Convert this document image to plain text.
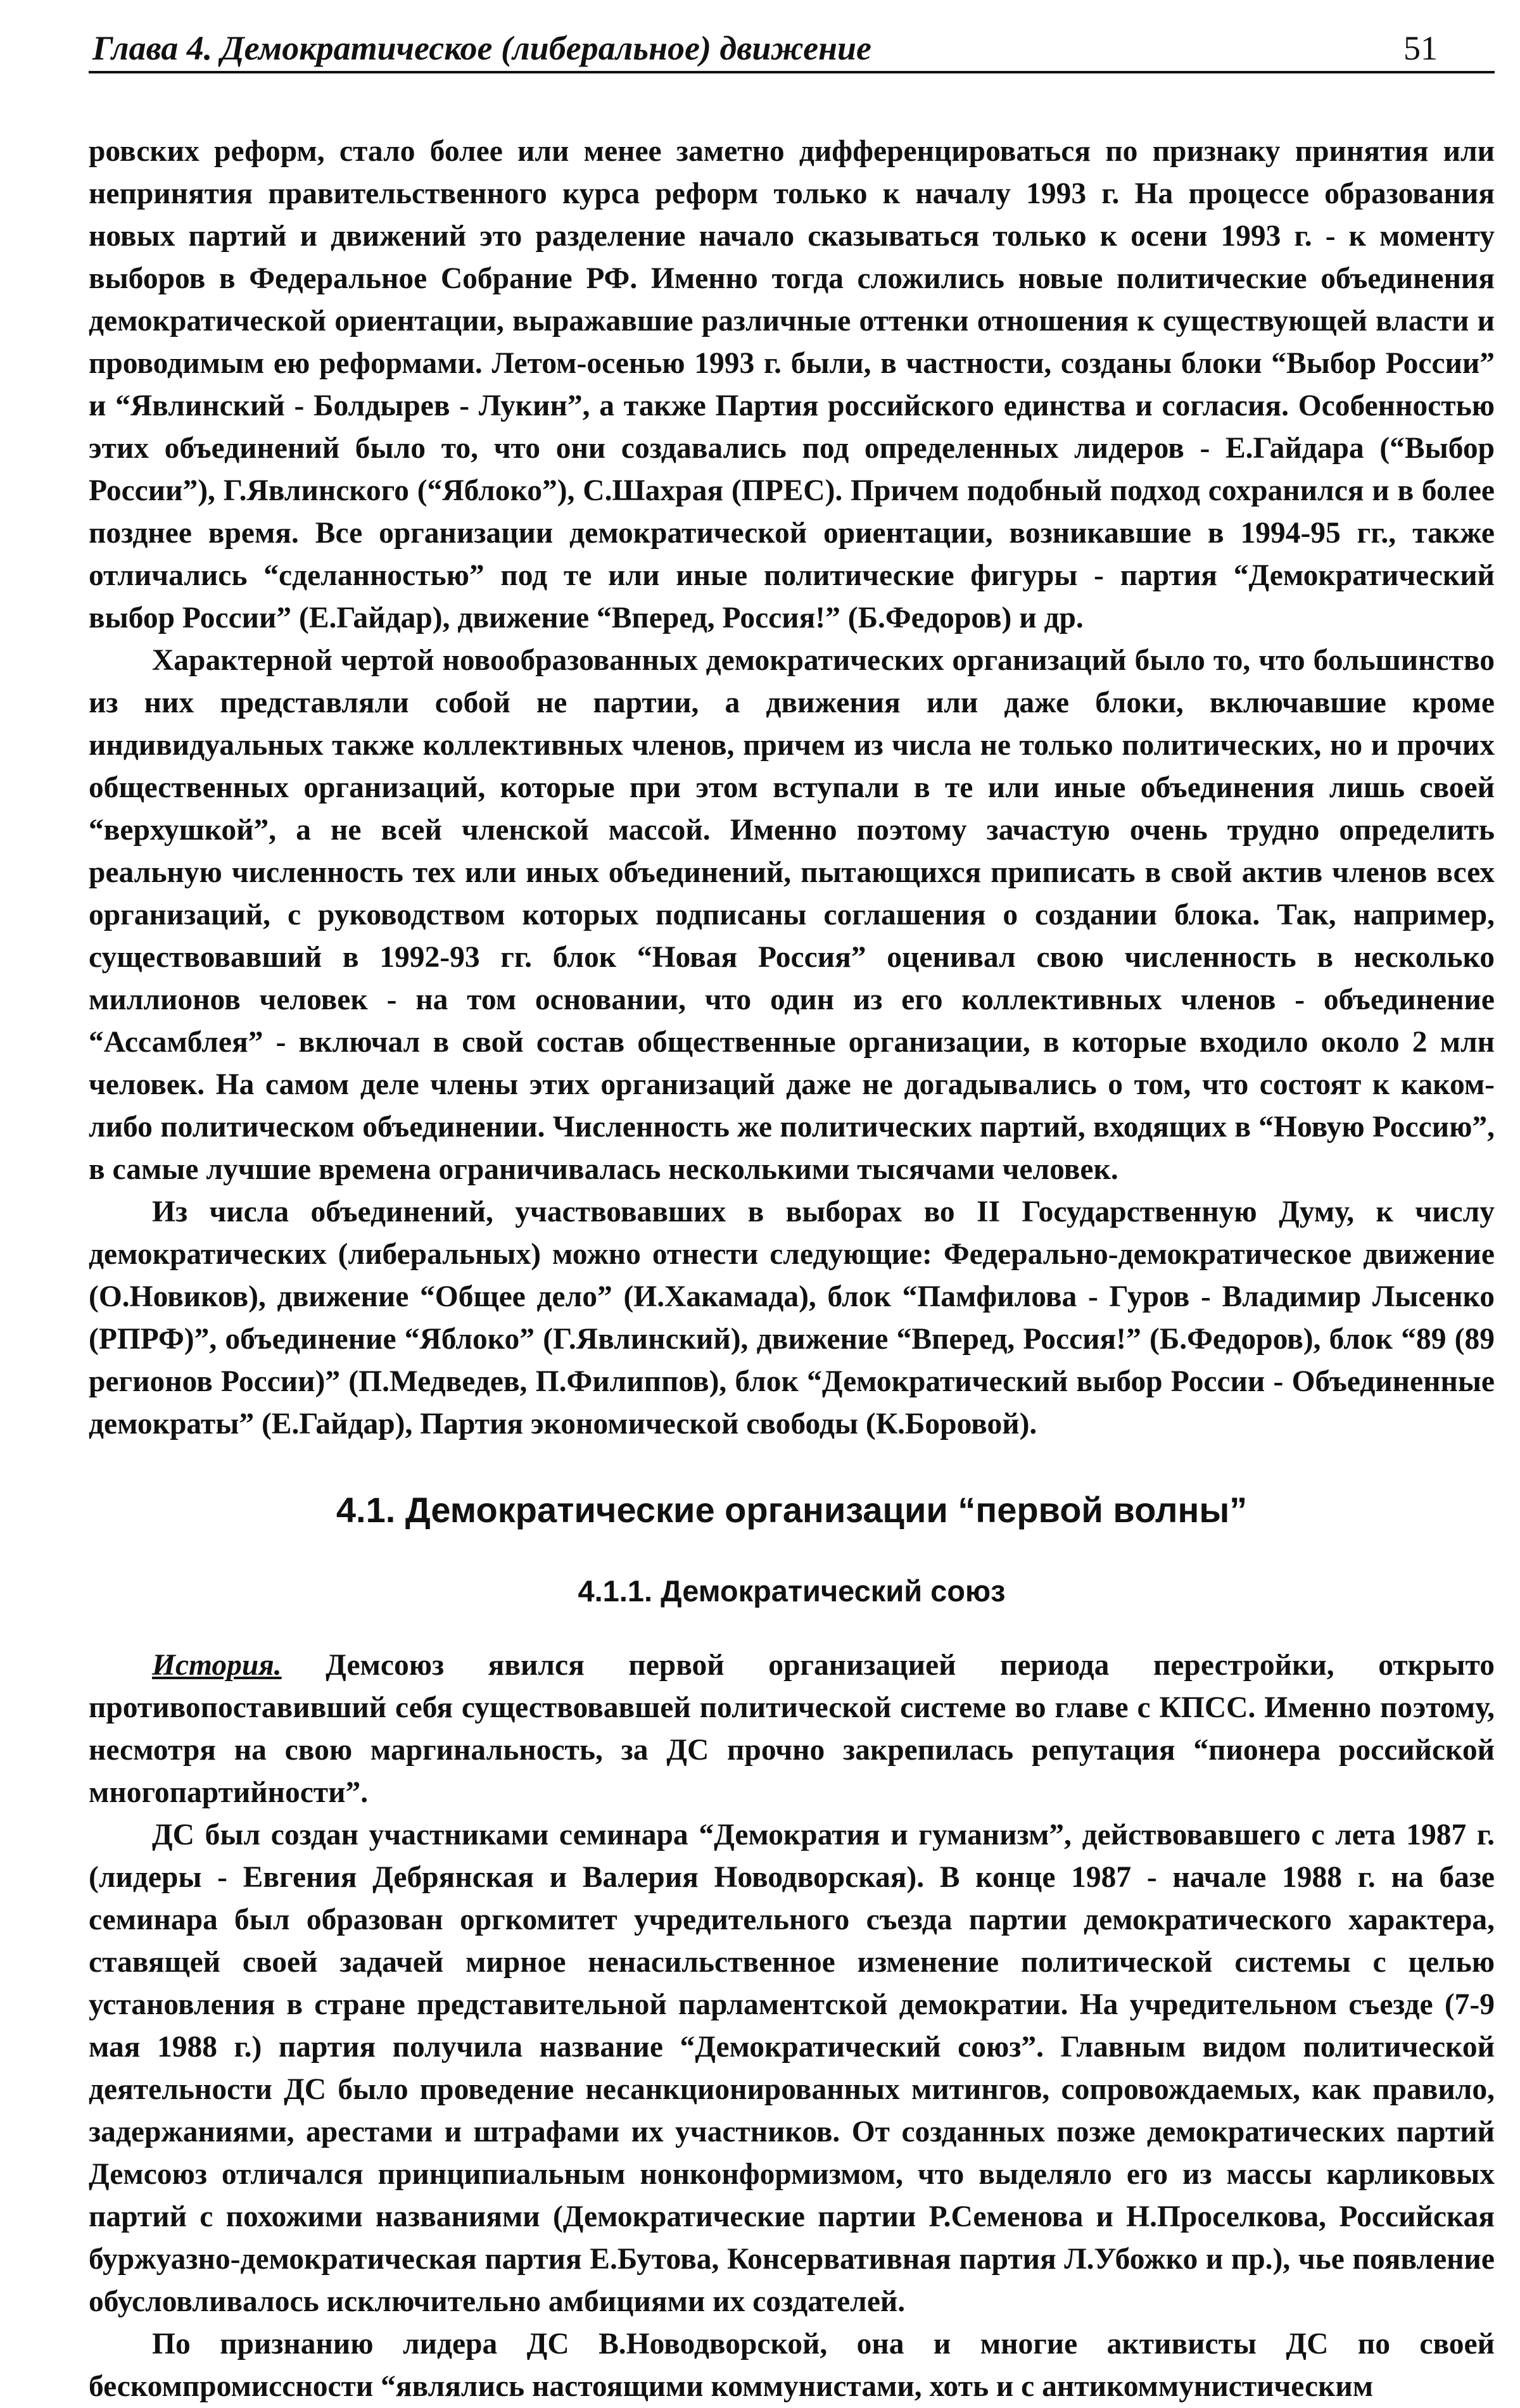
Глава 4. Демократическое (либеральное) движение	51

ровских реформ, стало более или менее заметно дифференцироваться по признаку принятия или непринятия правительственного курса реформ только к началу 1993 г. На процессе образования новых партий и движений это разделение начало сказываться только к осени 1993 г. - к моменту выборов в Федеральное Собрание РФ. Именно тогда сложились новые политические объединения демократической ориентации, выражавшие различные оттенки отношения к существующей власти и проводимым ею реформами. Летом-осенью 1993 г. были, в частности, созданы блоки “Выбор России” и “Явлинский - Болдырев - Лукин”, а также Партия российского единства и согласия. Особенностью этих объединений было то, что они создавались под определенных лидеров - Е.Гайдара (“Выбор России”), Г.Явлинского (“Яблоко”), С.Шахрая (ПРЕС). Причем подобный подход сохранился и в более позднее время. Все организации демократической ориентации, возникавшие в 1994-95 гг., также отличались “сделанностью” под те или иные политические фигуры - партия “Демократический выбор России” (Е.Гайдар), движение “Вперед, Россия!” (Б.Федоров) и др.

Характерной чертой новообразованных демократических организаций было то, что большинство из них представляли собой не партии, а движения или даже блоки, включавшие кроме индивидуальных также коллективных членов, причем из числа не только политических, но и прочих общественных организаций, которые при этом вступали в те или иные объединения лишь своей “верхушкой”, а не всей членской массой. Именно поэтому зачастую очень трудно определить реальную численность тех или иных объединений, пытающихся приписать в свой актив членов всех организаций, с руководством которых подписаны соглашения о создании блока. Так, например, существовавший в 1992-93 гг. блок “Новая Россия” оценивал свою численность в несколько миллионов человек - на том основании, что один из его коллективных членов - объединение “Ассамблея” - включал в свой состав общественные организации, в которые входило около 2 млн человек. На самом деле члены этих организаций даже не догадывались о том, что состоят к каком-либо политическом объединении. Численность же политических партий, входящих в “Новую Россию”, в самые лучшие времена ограничивалась несколькими тысячами человек.

Из числа объединений, участвовавших в выборах во II Государственную Думу, к числу демократических (либеральных) можно отнести следующие: Федерально-демократическое движение (О.Новиков), движение “Общее дело” (И.Хакамада), блок “Памфилова - Гуров - Владимир Лысенко (РПРФ)”, объединение “Яблоко” (Г.Явлинский), движение “Вперед, Россия!” (Б.Федоров), блок “89 (89 регионов России)” (П.Медведев, П.Филиппов), блок “Демократический выбор России - Объединенные демократы” (Е.Гайдар), Партия экономической свободы (К.Боровой).

4.1. Демократические организации “первой волны”
4.1.1. Демократический союз

История. Демсоюз явился первой организацией периода перестройки, открыто противопоставивший себя существовавшей политической системе во главе с КПСС. Именно поэтому, несмотря на свою маргинальность, за ДС прочно закрепилась репутация “пионера российской многопартийности”.

ДС был создан участниками семинара “Демократия и гуманизм”, действовавшего с лета 1987 г. (лидеры - Евгения Дебрянская и Валерия Новодворская). В конце 1987 - начале 1988 г. на базе семинара был образован оргкомитет учредительного съезда партии демократического характера, ставящей своей задачей мирное ненасильственное изменение политической системы с целью установления в стране представительной парламентской демократии. На учредительном съезде (7-9 мая 1988 г.) партия получила название “Демократический союз”. Главным видом политической деятельности ДС было проведение несанкционированных митингов, сопровождаемых, как правило, задержаниями, арестами и штрафами их участников. От созданных позже демократических партий Демсоюз отличался принципиальным нонконформизмом, что выделяло его из массы карликовых партий с похожими названиями (Демократические партии Р.Семенова и Н.Проселкова, Российская буржуазно-демократическая партия Е.Бутова, Консервативная партия Л.Убожко и пр.), чье появление обусловливалось исключительно амбициями их создателей.

По признанию лидера ДС В.Новодворской, она и многие активисты ДС по своей бескомпромиссности “являлись настоящими коммунистами, хоть и с антикоммунистическим
